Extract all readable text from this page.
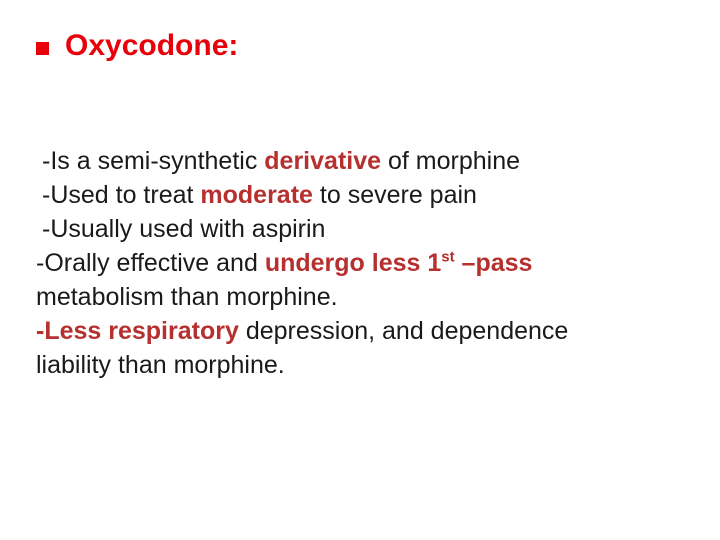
Oxycodone:
-Is a semi-synthetic derivative of morphine
-Used to treat moderate to severe pain
-Usually used with aspirin
-Orally effective and undergo less 1st –pass
metabolism than morphine.
-Less respiratory depression, and dependence
liability than morphine.
